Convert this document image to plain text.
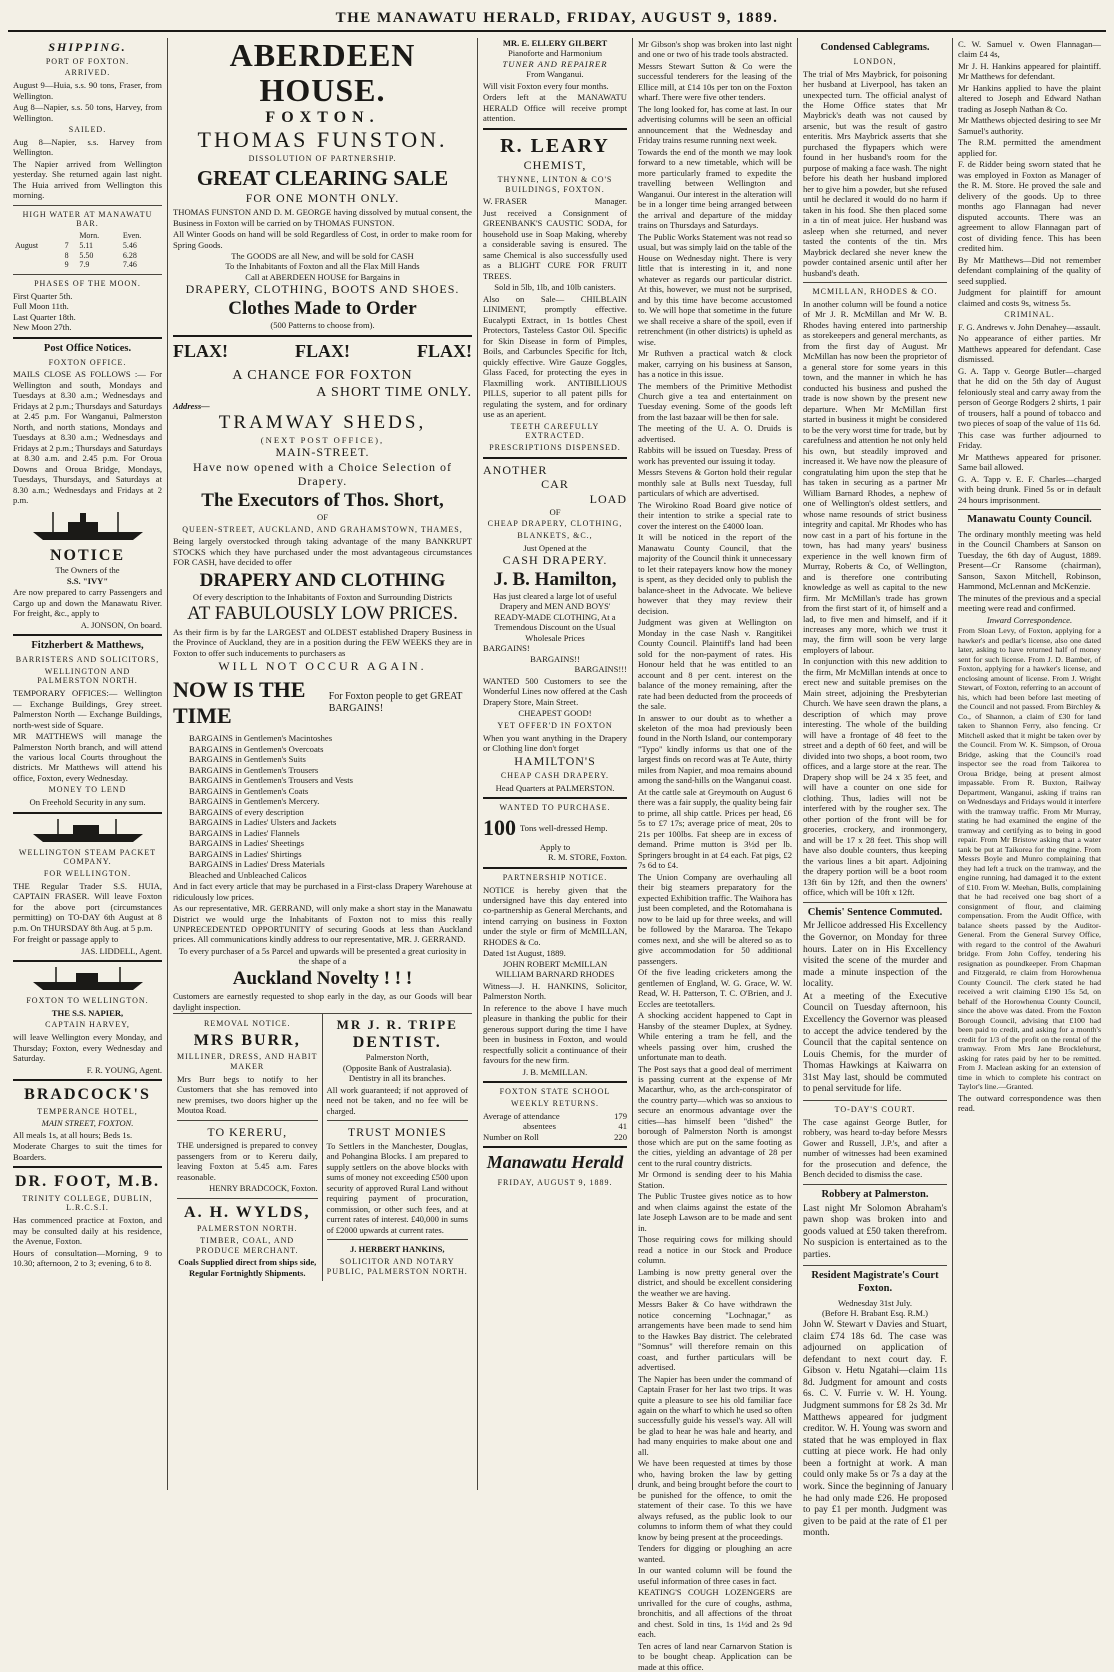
THE MANAWATU HERALD, FRIDAY, AUGUST 9, 1889.
SHIPPING.
PORT OF FOXTON.
ARRIVED.
August 9—Huia, s.s. 90 tons, Fraser, from Wellington.
Aug 8—Napier, s.s. 50 tons, Harvey, from Wellington.
SAILED.
Aug 8—Napier, s.s. Harvey from Wellington.
The Napier arrived from Wellington yesterday. She returned again last night. The Huia arrived from Wellington this morning.
HIGH WATER AT MANAWATU BAR.
		Morn.	Even.
August	7	5.11	5.46
	8	5.50	6.28
	9	7.9	7.46
PHASES OF THE MOON.
First Quarter 5th.
Full Moon 11th.
Last Quarter 18th.
New Moon 27th.
Post Office Notices.
FOXTON OFFICE.
MAILS CLOSE AS FOLLOWS :— For Wellington and south, Mondays and Tuesdays at 8.30 a.m.; Wednesdays and Fridays at 2 p.m.; Thursdays and Saturdays at 2.45 p.m. For Wanganui, Palmerston North, and north stations, Mondays and Tuesdays at 8.30 a.m.; Wednesdays and Fridays at 2 p.m.; Thursdays and Saturdays at 8.30 a.m. and 2.45 p.m. For Oroua Downs and Oroua Bridge, Mondays, Tuesdays, Thursdays, and Saturdays at 8.30 a.m.; Wednesdays and Fridays at 2 p.m.
NOTICE
The Owners of the
S.S. "IVY"
Are now prepared to carry Passengers and Cargo up and down the Manawatu River. For freight, &c., apply to
A. JONSON, On board.
Fitzherbert & Matthews,
BARRISTERS AND SOLICITORS,
WELLINGTON AND PALMERSTON NORTH.
TEMPORARY OFFICES:— Wellington — Exchange Buildings, Grey street. Palmerston North — Exchange Buildings, north-west side of Square.
MR MATTHEWS will manage the Palmerston North branch, and will attend the various local Courts throughout the districts. Mr Matthews will attend his office, Foxton, every Wednesday.
MONEY TO LEND
On Freehold Security in any sum.
WELLINGTON STEAM PACKET COMPANY.
FOR WELLINGTON.
THE Regular Trader S.S. HUIA, CAPTAIN FRASER. Will leave Foxton for the above port (circumstances permitting) on TO-DAY 6th August at 8 p.m. On THURSDAY 8th Aug. at 5 p.m.
For freight or passage apply to
JAS. LIDDELL, Agent.
FOXTON TO WELLINGTON.
THE S.S. NAPIER,
CAPTAIN HARVEY,
will leave Wellington every Monday, and Thursday; Foxton, every Wednesday and Saturday.
F. R. YOUNG, Agent.
BRADCOCK'S
TEMPERANCE HOTEL,
MAIN STREET, FOXTON.
All meals 1s, at all hours; Beds 1s.
Moderate Charges to suit the times for Boarders.
DR. FOOT, M.B.
TRINITY COLLEGE, DUBLIN, L.R.C.S.I.
Has commenced practice at Foxton, and may be consulted daily at his residence, the Avenue, Foxton.
Hours of consultation—Morning, 9 to 10.30; afternoon, 2 to 3; evening, 6 to 8.
ABERDEEN HOUSE.
FOXTON.
THOMAS FUNSTON.
DISSOLUTION OF PARTNERSHIP.
GREAT CLEARING SALE
FOR ONE MONTH ONLY.
THOMAS FUNSTON AND D. M. GEORGE having dissolved by mutual consent, the Business in Foxton will be carried on by THOMAS FUNSTON.
All Winter Goods on hand will be sold Regardless of Cost, in order to make room for Spring Goods.
The GOODS are all New, and will be sold for CASH
To the Inhabitants of Foxton and all the Flax Mill Hands
Call at ABERDEEN HOUSE for Bargains in
DRAPERY, CLOTHING, BOOTS AND SHOES.
Clothes Made to Order
(500 Patterns to choose from).
FLAX!	FLAX!	FLAX!
A CHANCE FOR FOXTON
A SHORT TIME ONLY.
Address—
TRAMWAY SHEDS,
(NEXT POST OFFICE),
MAIN-STREET.
Have now opened with a Choice Selection of Drapery.
The Executors of Thos. Short,
OF
QUEEN-STREET, AUCKLAND, AND GRAHAMSTOWN, THAMES,
Being largely overstocked through taking advantage of the many BANKRUPT STOCKS which they have purchased under the most advantageous circumstances FOR CASH, have decided to offer
DRAPERY AND CLOTHING
Of every description to the Inhabitants of Foxton and Surrounding Districts
AT FABULOUSLY LOW PRICES.
As their firm is by far the LARGEST and OLDEST established Drapery Business in the Province of Auckland, they are in a position during the FEW WEEKS they are in Foxton to offer such inducements to purchasers as
WILL NOT OCCUR AGAIN.
NOW IS THE TIME
For Foxton people to get GREAT BARGAINS!
BARGAINS in Gentlemen's Macintoshes
BARGAINS in Gentlemen's Overcoats
BARGAINS in Gentlemen's Suits
BARGAINS in Gentlemen's Trousers
BARGAINS in Gentlemen's Trousers and Vests
BARGAINS in Gentlemen's Coats
BARGAINS in Gentlemen's Mercery.
BARGAINS of every description
BARGAINS in Ladies' Ulsters and Jackets
BARGAINS in Ladies' Flannels
BARGAINS in Ladies' Sheetings
BARGAINS in Ladies' Shirtings
BARGAINS in Ladies' Dress Materials
Bleached and Unbleached Calicos
And in fact every article that may be purchased in a First-class Drapery Warehouse at ridiculously low prices.
As our representative, MR. GERRAND, will only make a short stay in the Manawatu District we would urge the Inhabitants of Foxton not to miss this really UNPRECEDENTED OPPORTUNITY of securing Goods at less than Auckland prices. All communications kindly address to our representative, MR. J. GERRAND.
To every purchaser of a 5s Parcel and upwards will be presented a great curiosity in the shape of a
Auckland Novelty ! ! !
Customers are earnestly requested to shop early in the day, as our Goods will bear daylight inspection.
REMOVAL NOTICE.
MRS BURR,
MILLINER, DRESS, AND HABIT MAKER
Mrs Burr begs to notify to her Customers that she has removed into new premises, two doors higher up the Moutoa Road.
TO KERERU,
THE undersigned is prepared to convey passengers from or to Kereru daily, leaving Foxton at 5.45 a.m. Fares reasonable.
HENRY BRADCOCK, Foxton.
A. H. WYLDS,
PALMERSTON NORTH.
TIMBER, COAL, AND PRODUCE MERCHANT.
Coals Supplied direct from ships side,
Regular Fortnightly Shipments.
MR J. R. TRIPE
DENTIST.
Palmerston North,
(Opposite Bank of Australasia).
Dentistry in all its branches.
All work guaranteed; if not approved of need not be taken, and no fee will be charged.
TRUST MONIES
To Settlers in the Manchester, Douglas, and Pohangina Blocks. I am prepared to supply settlers on the above blocks with sums of money not exceeding £500 upon security of approved Rural Land without requiring payment of procuration, commission, or other such fees, and at current rates of interest. £40,000 in sums of £2000 upwards at current rates.
J. HERBERT HANKINS,
SOLICITOR AND NOTARY PUBLIC, PALMERSTON NORTH.
MR. E. ELLERY GILBERT
Pianoforte and Harmonium
TUNER AND REPAIRER
From Wanganui.
Will visit Foxton every four months.
Orders left at the MANAWATU HERALD Office will receive prompt attention.
R. LEARY
CHEMIST,
THYNNE, LINTON & CO'S BUILDINGS, FOXTON.
W. FRASER	Manager.
Just received a Consignment of GREENBANK'S CAUSTIC SODA, for household use in Soap Making, whereby a considerable saving is ensured. The same Chemical is also successfully used as a BLIGHT CURE FOR FRUIT TREES.
Sold in 5lb, 1lb, and 10lb canisters.
Also on Sale— CHILBLAIN LINIMENT, promptly effective. Eucalypti Extract, in 1s bottles Chest Protectors, Tasteless Castor Oil. Specific for Skin Disease in form of Pimples, Boils, and Carbuncles Specific for Itch, quickly effective. Wire Gauze Goggles, Glass Faced, for protecting the eyes in Flaxmilling work. ANTIBILLIOUS PILLS, superior to all patent pills for regulating the system, and for ordinary use as an aperient.
TEETH CAREFULLY EXTRACTED.
PRESCRIPTIONS DISPENSED.
ANOTHER
CAR
LOAD
OF
CHEAP DRAPERY, CLOTHING,
BLANKETS, &C.,
Just Opened at the
CASH DRAPERY.
J. B. Hamilton,
Has just cleared a large lot of useful Drapery and MEN AND BOYS' READY-MADE CLOTHING, At a Tremendous Discount on the Usual Wholesale Prices
BARGAINS!
BARGAINS!!
BARGAINS!!!
WANTED 500 Customers to see the Wonderful Lines now offered at the Cash Drapery Store, Main Street.
CHEAPEST GOOD!
YET OFFER'D IN FOXTON
When you want anything in the Drapery or Clothing line don't forget
HAMILTON'S
CHEAP CASH DRAPERY.
Head Quarters at PALMERSTON.
WANTED TO PURCHASE.
100 Tons well-dressed Hemp.
Apply to
R. M. STORE, Foxton.
PARTNERSHIP NOTICE.
NOTICE is hereby given that the undersigned have this day entered into co-partnership as General Merchants, and intend carrying on business in Foxton under the style or firm of McMILLAN, RHODES & Co.
Dated 1st August, 1889.
JOHN ROBERT McMILLAN WILLIAM BARNARD RHODES
Witness—J. H. HANKINS, Solicitor, Palmerston North.
In reference to the above I have much pleasure in thanking the public for their generous support during the time I have been in business in Foxton, and would respectfully solicit a continuance of their favours for the new firm.
J. B. McMILLAN.
FOXTON STATE SCHOOL
WEEKLY RETURNS.
Average of attendance	179
absentees	41
Number on Roll	220
Manawatu Herald
FRIDAY, AUGUST 9, 1889.
Mr Gibson's shop was broken into last night and one or two of his trade tools abstracted.
Messrs Stewart Sutton & Co were the successful tenderers for the leasing of the Ellice mill, at £14 10s per ton on the Foxton wharf. There were five other tenders.
The long looked for, has come at last. In our advertising columns will be seen an official announcement that the Wednesday and Friday trains resume running next week.
Towards the end of the month we may look forward to a new timetable, which will be more particularly framed to expedite the travelling between Wellington and Wanganui. Our interest in the alteration will be in a longer time being arranged between the arrival and departure of the midday trains on Thursdays and Saturdays.
The Public Works Statement was not read so usual, but was simply laid on the table of the House on Wednesday night. There is very little that is interesting in it, and none whatever as regards our particular district. At this, however, we must not be surprised, and by this time have become accustomed to. We will hope that sometime in the future we shall receive a share of the spoil, even if retrenchment (in other districts) is upheld as wise.
Mr Ruthven a practical watch & clock maker, carrying on his business at Sanson, has a notice in this issue.
The members of the Primitive Methodist Church give a tea and entertainment on Tuesday evening. Some of the goods left from the last bazaar will be then for sale.
The meeting of the U. A. O. Druids is advertised.
Rabbits will be issued on Tuesday. Press of work has prevented our issuing it today.
Messrs Stevens & Gorton hold their regular monthly sale at Bulls next Tuesday, full particulars of which are advertised.
The Wirokino Road Board give notice of their intention to strike a special rate to cover the interest on the £4000 loan.
It will be noticed in the report of the Manawatu County Council, that the majority of the Council think it unnecessary to let their ratepayers know how the money is spent, as they decided only to publish the balance-sheet in the Advocate. We believe however that they may review their decision.
Judgment was given at Wellington on Monday in the case Nash v. Rangitikei County Council. Plaintiff's land had been sold for the non-payment of rates. His Honour held that he was entitled to an account and 8 per cent. interest on the balance of the money remaining, after the rate had been deducted from the proceeds of the sale.
In answer to our doubt as to whether a skeleton of the moa had previously been found in the North Island, our contemporary "Typo" kindly informs us that one of the largest finds on record was at Te Aute, thirty miles from Napier, and moa remains abound among the sand-hills on the Wanganui coast.
At the cattle sale at Greymouth on August 6 there was a fair supply, the quality being fair to prime, all ship cattle. Prices per head, £6 5s to £7 17s; average price of meat, 20s to 21s per 100lbs. Fat sheep are in excess of demand. Prime mutton is 3½d per lb. Springers brought in at £4 each. Fat pigs, £2 7s 6d to £4.
The Union Company are overhauling all their big steamers preparatory for the expected Exhibition traffic. The Waihora has just been completed, and the Rotomahana is now to be laid up for three weeks, and will be followed by the Mararoa. The Tekapo comes next, and she will be altered so as to give accommodation for 50 additional passengers.
Of the five leading cricketers among the gentlemen of England, W. G. Grace, W. W. Read, W. H. Patterson, T. C. O'Brien, and J. Eccles are teetotallers.
A shocking accident happened to Capt in Hansby of the steamer Duplex, at Sydney. While entering a tram he fell, and the wheels passing over him, crushed the unfortunate man to death.
The Post says that a good deal of merriment is passing current at the expense of Mr Macarthur, who, as the arch-conspirator of the country party—which was so anxious to secure an enormous advantage over the cities—has himself been "dished" the borough of Palmerston North is amongst those which are put on the same footing as the cities, yielding an advantage of 28 per cent to the rural country districts.
Mr Ormond is sending deer to his Mahia Station.
The Public Trustee gives notice as to how and when claims against the estate of the late Joseph Lawson are to be made and sent in.
Those requiring cows for milking should read a notice in our Stock and Produce column.
Lambing is now pretty general over the district, and should be excellent considering the weather we are having.
Messrs Baker & Co have withdrawn the notice concerning "Lochnagar," as arrangements have been made to send him to the Hawkes Bay district. The celebrated "Somnus" will therefore remain on this coast, and further particulars will be advertised.
The Napier has been under the command of Captain Fraser for her last two trips. It was quite a pleasure to see his old familiar face again on the wharf to which he used so often successfully guide his vessel's way. All will be glad to hear he was hale and hearty, and had many enquiries to make about one and all.
We have been requested at times by those who, having broken the law by getting drunk, and being brought before the court to be punished for the offence, to omit the statement of their case. To this we have always refused, as the public look to our columns to inform them of what they could know by being present at the proceedings.
Tenders for digging or ploughing an acre wanted.
In our wanted column will be found the useful information of three cases in fact.
KEATING'S COUGH LOZENGERS are unrivalled for the cure of coughs, asthma, bronchitis, and all affections of the throat and chest. Sold in tins, 1s 1½d and 2s 9d each.
Ten acres of land near Carnarvon Station is to be bought cheap. Application can be made at this office.
Condensed Cablegrams.
LONDON,
The trial of Mrs Maybrick, for poisoning her husband at Liverpool, has taken an unexpected turn. The official analyst of the Home Office states that Mr Maybrick's death was not caused by arsenic, but was the result of gastro enteritis. Mrs Maybrick asserts that she purchased the flypapers which were found in her husband's room for the purpose of making a face wash. The night before his death her husband implored her to give him a powder, but she refused until he declared it would do no harm if taken in his food. She then placed some in a tin of meat juice. Her husband was asleep when she returned, and never tasted the contents of the tin. Mrs Maybrick declared she never knew the powder contained arsenic until after her husband's death.
MCMILLAN, RHODES & CO.
In another column will be found a notice of Mr J. R. McMillan and Mr W. B. Rhodes having entered into partnership as storekeepers and general merchants, as from the first day of August. Mr McMillan has now been the proprietor of a general store for some years in this town, and the manner in which he has conducted his business and pushed the trade is now shown by the present new departure. When Mr McMillan first started in business it might be considered to be the very worst time for trade, but by carefulness and attention he not only held his own, but steadily improved and increased it. We have now the pleasure of congratulating him upon the step that he has taken in securing as a partner Mr William Barnard Rhodes, a nephew of one of Wellington's oldest settlers, and whose name resounds of strict business integrity and capital. Mr Rhodes who has now cast in a part of his fortune in the town, has had many years' business experience in the well known firm of Murray, Roberts & Co, of Wellington, and is therefore one contributing knowledge as well as capital to the new firm. Mr McMillan's trade has grown from the first start of it, of himself and a lad, to five men and himself, and if it increases any more, which we trust it may, the firm will soon be very large employers of labour.
In conjunction with this new addition to the firm, Mr McMillan intends at once to erect new and suitable premises on the Main street, adjoining the Presbyterian Church. We have seen drawn the plans, a description of which may prove interesting. The whole of the building will have a frontage of 48 feet to the street and a depth of 60 feet, and will be divided into two shops, a boot room, two offices, and a large store at the rear. The Drapery shop will be 24 x 35 feet, and will have a counter on one side for clothing. Thus, ladies will not be interfered with by the rougher sex. The other portion of the front will be for groceries, crockery, and ironmongery, and will be 17 x 28 feet. This shop will have also double counters, thus keeping the various lines a bit apart. Adjoining the drapery portion will be a boot room 13ft 6in by 12ft, and then the owners' office, which will be 10ft x 12ft.
Chemis' Sentence Commuted.
Mr Jellicoe addressed His Excellency the Governor, on Monday for three hours. Later on in His Excellency visited the scene of the murder and made a minute inspection of the locality.
At a meeting of the Executive Council on Tuesday afternoon, his Excellency the Governor was pleased to accept the advice tendered by the Council that the capital sentence on Louis Chemis, for the murder of Thomas Hawkings at Kaiwarra on 31st May last, should be commuted to penal servitude for life.
TO-DAY'S COURT.
The case against George Butler, for robbery, was heard to-day before Messrs Gower and Russell, J.P.'s, and after a number of witnesses had been examined for the prosecution and defence, the Bench decided to dismiss the case.
Robbery at Palmerston.
Last night Mr Solomon Abraham's pawn shop was broken into and goods valued at £50 taken therefrom. No suspicion is entertained as to the parties.
Resident Magistrate's Court Foxton.
Wednesday 31st July.
(Before H. Brabant Esq. R.M.)
John W. Stewart v Davies and Stuart, claim £74 18s 6d. The case was adjourned on application of defendant to next court day. F. Gibson v. Hetu Ngatahi—claim 11s 8d. Judgment for amount and costs 6s. C. V. Furrie v. W. H. Young. Judgment summons for £8 2s 3d. Mr Matthews appeared for judgment creditor. W. H. Young was sworn and stated that he was employed in flax cutting at piece work. He had only been a fortnight at work. A man could only make 5s or 7s a day at the work. Since the beginning of January he had only made £26. He proposed to pay £1 per month. Judgment was given to be paid at the rate of £1 per month.
C. W. Samuel v. Owen Flannagan—claim £4 4s,
Mr J. H. Hankins appeared for plaintiff. Mr Matthews for defendant.
Mr Hankins applied to have the plaint altered to Joseph and Edward Nathan trading as Joseph Nathan & Co.
Mr Matthews objected desiring to see Mr Samuel's authority.
The R.M. permitted the amendment applied for.
F. de Ridder being sworn stated that he was employed in Foxton as Manager of the R. M. Store. He proved the sale and delivery of the goods. Up to three months ago Flannagan had never disputed accounts. There was an agreement to allow Flannagan part of cost of dividing fence. This has been credited him.
By Mr Matthews—Did not remember defendant complaining of the quality of seed supplied.
Judgment for plaintiff for amount claimed and costs 9s, witness 5s.
CRIMINAL.
F. G. Andrews v. John Denahey—assault.
No appearance of either parties. Mr Matthews appeared for defendant. Case dismissed.
G. A. Tapp v. George Butler—charged that he did on the 5th day of August feloniously steal and carry away from the person of George Rodgers 2 shirts, 1 pair of trousers, half a pound of tobacco and two pieces of soap of the value of 11s 6d.
This case was further adjourned to Friday.
Mr Matthews appeared for prisoner. Same bail allowed.
G. A. Tapp v. E. F. Charles—charged with being drunk. Fined 5s or in default 24 hours imprisonment.
Manawatu County Council.
The ordinary monthly meeting was held in the Council Chambers at Sanson on Tuesday, the 6th day of August, 1889. Present—Cr Ransome (chairman), Sanson, Saxon Mitchell, Robinson, Hammond, McLennan and McKenzie.
The minutes of the previous and a special meeting were read and confirmed.
Inward Correspondence.
From Sloan Levy, of Foxton, applying for a hawker's and pedlar's license, also one dated later, asking to have returned half of money sent for such license. From J. D. Bamber, of Foxton, applying for a hawker's license, and enclosing amount of license. From J. Wright Stewart, of Foxton, referring to an account of his, which had been before last meeting of the Council and not passed. From Birchley & Co., of Shannon, a claim of £30 for land taken to Shannon Ferry, also fencing. Cr Mitchell asked that it might be taken over by the Council. From W. K. Simpson, of Oroua Bridge, asking that the Council's road inspector see the road from Taikorea to Oroua Bridge, being at present almost impassable. From R. Buxton, Railway Department, Wanganui, asking if trains ran on Wednesdays and Fridays would it interfere with the tramway traffic. From Mr Murray, stating he had examined the engine of the tramway and certifying as to being in good repair. From Mr Bristow asking that a water tank be put at Taikorea for the engine. From Messrs Boyle and Munro complaining that they had left a truck on the tramway, and the engine running, had damaged it to the extent of £10. From W. Meehan, Bulls, complaining that he had received one bag short of a consignment of flour, and claiming compensation. From the Audit Office, with balance sheets passed by the Auditor-General. From the General Survey Office, with regard to the control of the Awahuri bridge. From John Coffey, tendering his resignation as poundkeeper. From Chapman and Fitzgerald, re claim from Horowhenua County Council. The clerk stated he had received a writ claiming £190 15s 5d, on behalf of the Horowhenua County Council, since the above was dated. From the Foxton Borough Council, advising that £100 had been paid to credit, and asking for a month's credit for 1/3 of the profit on the rental of the tramway. From Mrs Jane Brocklehurst, asking for rates paid by her to be remitted. From J. Maclean asking for an extension of time in which to complete his contract on Taylor's line.—Granted.
The outward correspondence was then read.
